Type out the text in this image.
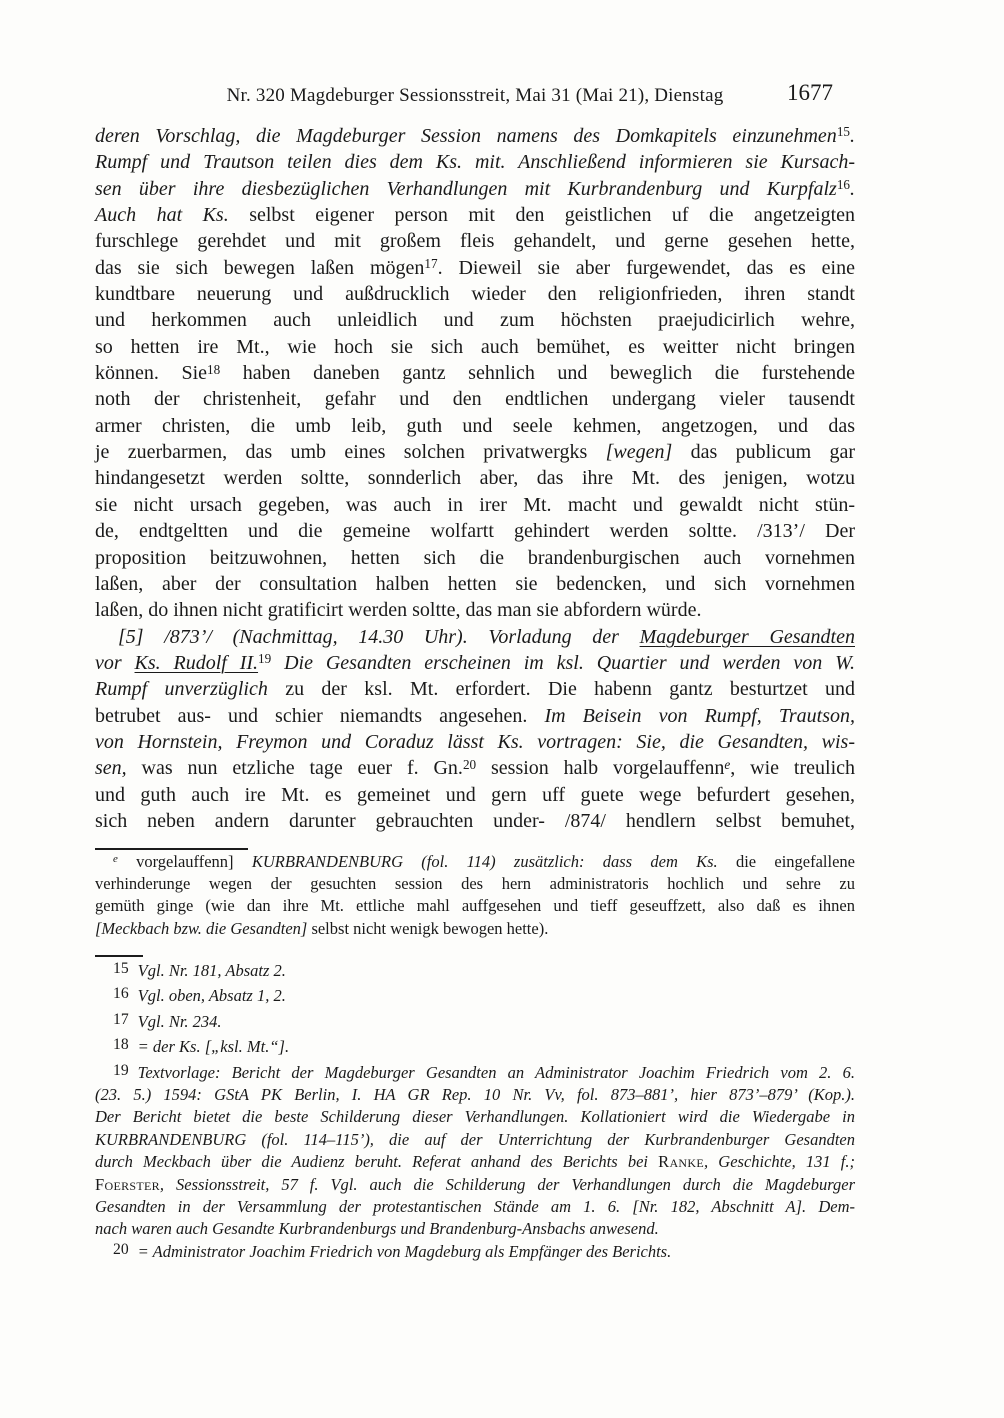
Nr. 320 Magdeburger Sessionsstreit, Mai 31 (Mai 21), Dienstag	1677
deren Vorschlag, die Magdeburger Session namens des Domkapitels einzunehmen$^{15}$.
Rumpf und Trautson teilen dies dem Ks. mit. Anschließend informieren sie Kursach-
sen über ihre diesbezüglichen Verhandlungen mit Kurbrandenburg und Kurpfalz$^{16}$.
Auch hat Ks. selbst eigener person mit den geistlichen uf die angetzeigten
furschlege gerehdet und mit großem fleis gehandelt, und gerne gesehen hette,
das sie sich bewegen laßen mögen$^{17}$. Dieweil sie aber furgewendet, das es eine
kundtbare neuerung und außdrucklich wieder den religionfrieden, ihren standt
und herkommen auch unleidlich und zum höchsten praejudicirlich wehre,
so hetten ire Mt., wie hoch sie sich auch bemühet, es weitter nicht bringen
können. Sie$^{18}$ haben daneben gantz sehnlich und beweglich die furstehende
noth der christenheit, gefahr und den endtlichen undergang vieler tausendt
armer christen, die umb leib, guth und seele kehmen, angetzogen, und das
je zuerbarmen, das umb eines solchen privatwergks [wegen] das publicum gar
hindangesetzt werden soltte, sonnderlich aber, das ihre Mt. des jenigen, wotzu
sie nicht ursach gegeben, was auch in irer Mt. macht und gewaldt nicht stün-
de, endtgeltten und die gemeine wolfartt gehindert werden soltte. /313’/ Der
proposition beitzuwohnen, hetten sich die brandenburgischen auch vornehmen
laßen, aber der consultation halben hetten sie bedencken, und sich vornehmen
laßen, do ihnen nicht gratificirt werden soltte, das man sie abfordern würde.
[5] /873’/ (Nachmittag, 14.30 Uhr). Vorladung der Magdeburger Gesandten
vor Ks. Rudolf II.$^{19}$ Die Gesandten erscheinen im ksl. Quartier und werden von W.
Rumpf unverzüglich zu der ksl. Mt. erfordert. Die habenn gantz besturtzet und
betrubet aus- und schier niemandts angesehen. Im Beisein von Rumpf, Trautson,
von Hornstein, Freymon und Coraduz lässt Ks. vortragen: Sie, die Gesandten, wis-
sen, was nun etzliche tage euer f. Gn.$^{20}$ session halb vorgelauffenn$^e$, wie treulich
und guth auch ire Mt. es gemeinet und gern uff guete wege befurdert gesehen,
sich neben andern darunter gebrauchten under- /874/ hendlern selbst bemuhet,
$^e$ vorgelauffenn] KURBRANDENBURG (fol. 114) zusätzlich: dass dem Ks. die eingefallene
verhinderunge wegen der gesuchten session des hern administratoris hochlich und sehre zu
gemüth ginge (wie dan ihre Mt. ettliche mahl auffgesehen und tieff geseuffzett, also daß es ihnen
[Meckbach bzw. die Gesandten] selbst nicht wenigk bewogen hette).
15 Vgl. Nr. 181, Absatz 2.
16 Vgl. oben, Absatz 1, 2.
17 Vgl. Nr. 234.
18 = der Ks. [„ksl. Mt.“].
19 Textvorlage: Bericht der Magdeburger Gesandten an Administrator Joachim Friedrich vom 2. 6.
(23. 5.) 1594: GStA PK Berlin, I. HA GR Rep. 10 Nr. Vv, fol. 873–881’, hier 873’–879’ (Kop.).
Der Bericht bietet die beste Schilderung dieser Verhandlungen. Kollationiert wird die Wiedergabe in
KURBRANDENBURG (fol. 114–115’), die auf der Unterrichtung der Kurbrandenburger Gesandten
durch Meckbach über die Audienz beruht. Referat anhand des Berichts bei Ranke, Geschichte, 131 f.;
Foerster, Sessionsstreit, 57 f. Vgl. auch die Schilderung der Verhandlungen durch die Magdeburger
Gesandten in der Versammlung der protestantischen Stände am 1. 6. [Nr. 182, Abschnitt A]. Dem-
nach waren auch Gesandte Kurbrandenburgs und Brandenburg-Ansbachs anwesend.
20 = Administrator Joachim Friedrich von Magdeburg als Empfänger des Berichts.
